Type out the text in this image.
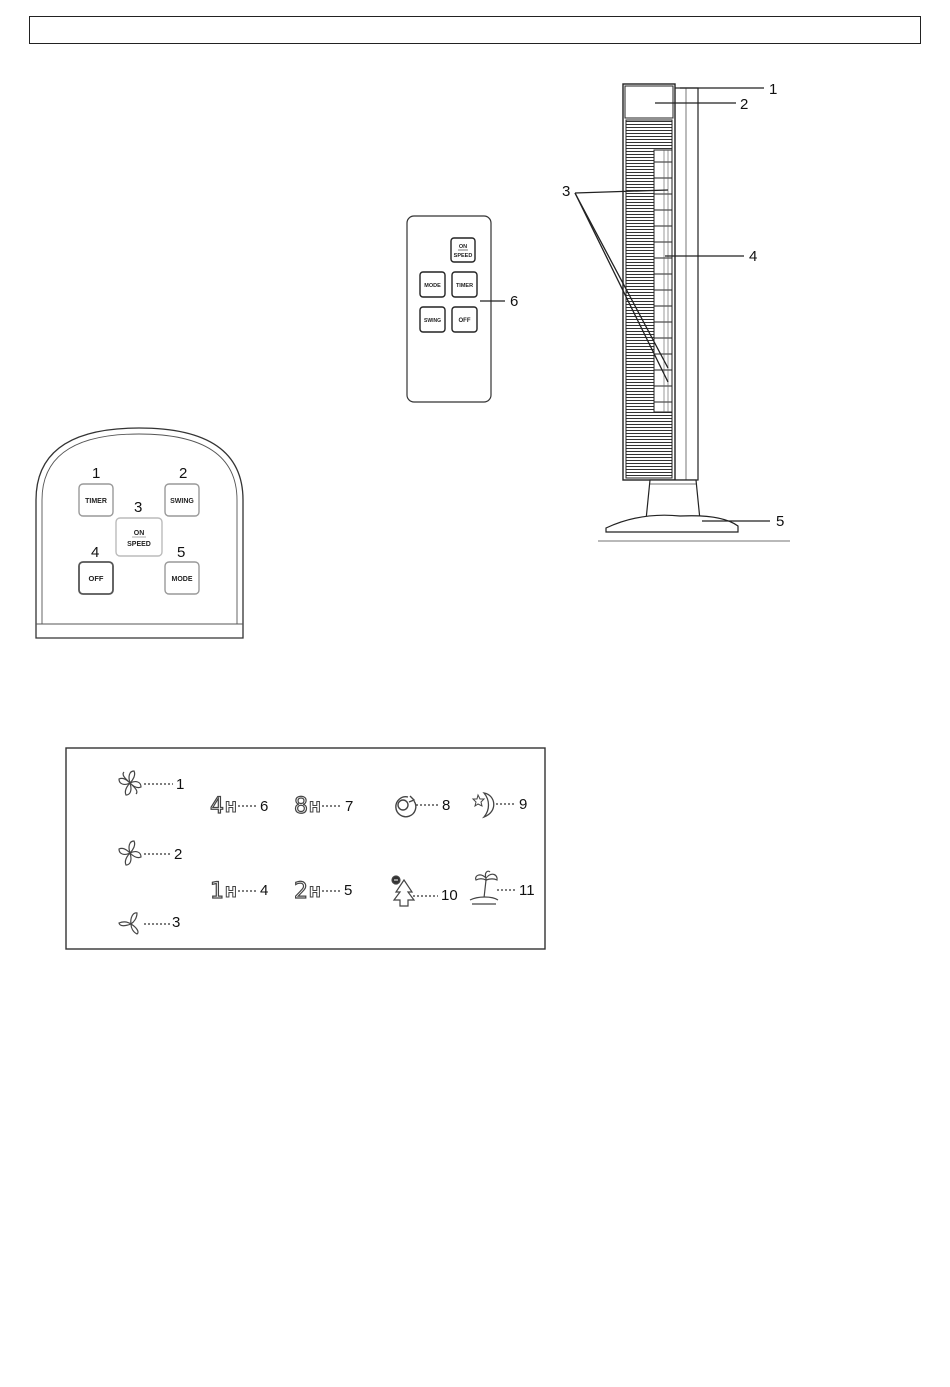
1
2
3
4
5
ON
SPEED
MODE	TIMER
SWING	OFF
6
TIMER	SWING
ON
SPEED
OFF	MODE
1	2
3
4	5
1
2
3
4 H 6 8 H 7
1 H 4 2 H 5
8	9
10	11
